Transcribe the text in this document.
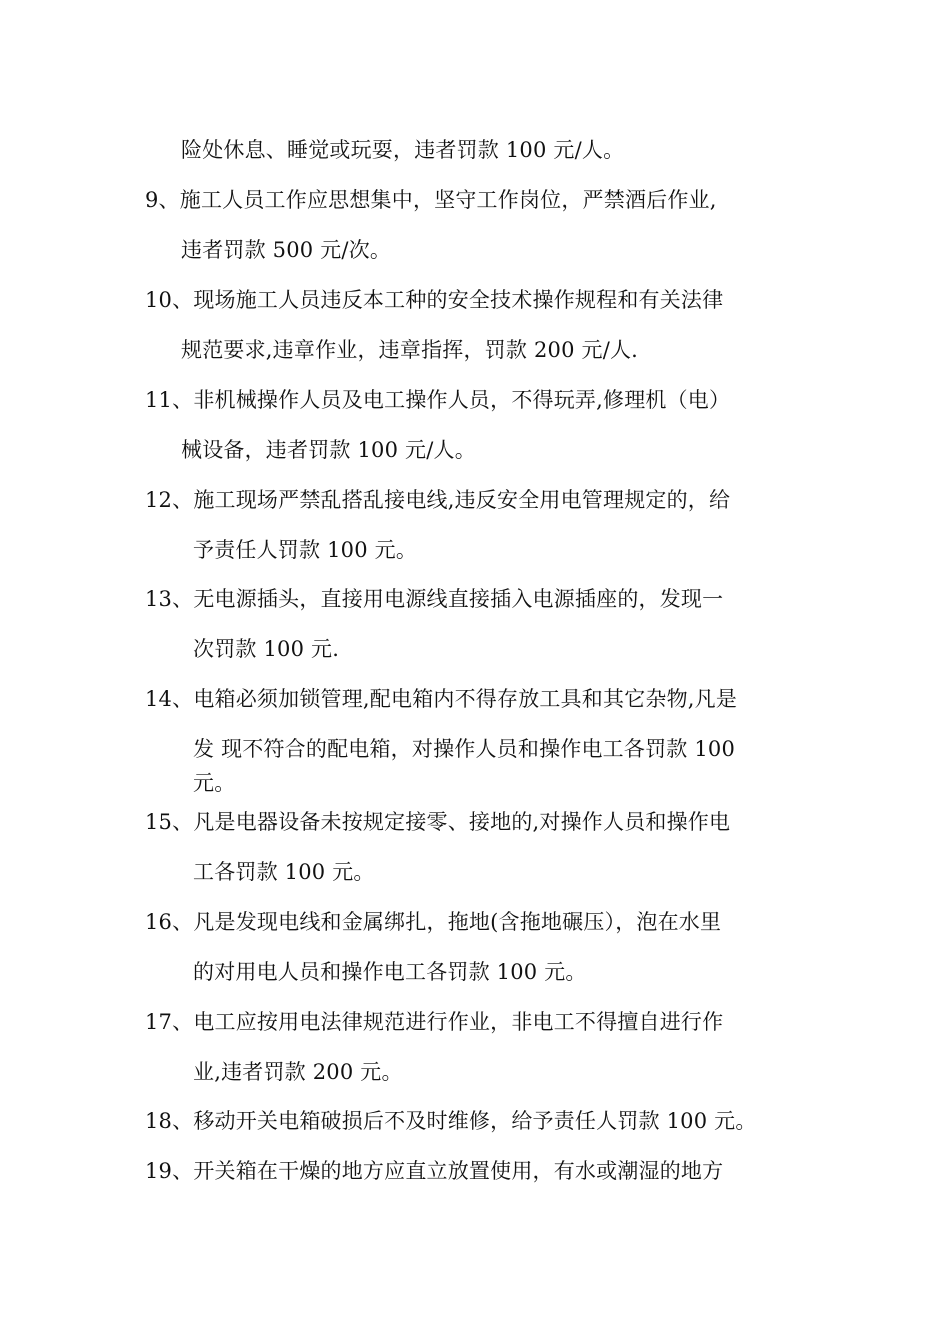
险处休息、睡觉或玩耍，违者罚款 100 元/人。
9、施工人员工作应思想集中，坚守工作岗位，严禁酒后作业,
违者罚款 500 元/次。
10、现场施工人员违反本工种的安全技术操作规程和有关法律
规范要求,违章作业，违章指挥，罚款 200 元/人.
11、非机械操作人员及电工操作人员，不得玩弄,修理机（电）
械设备，违者罚款 100 元/人。
12、施工现场严禁乱搭乱接电线,违反安全用电管理规定的，给
予责任人罚款 100 元。
13、无电源插头，直接用电源线直接插入电源插座的，发现一
次罚款 100 元.
14、电箱必须加锁管理,配电箱内不得存放工具和其它杂物,凡是
发 现不符合的配电箱，对操作人员和操作电工各罚款 100
元。
15、凡是电器设备未按规定接零、接地的,对操作人员和操作电
工各罚款 100 元。
16、凡是发现电线和金属绑扎，拖地(含拖地碾压），泡在水里
的对用电人员和操作电工各罚款 100 元。
17、电工应按用电法律规范进行作业，非电工不得擅自进行作
业,违者罚款 200 元。
18、移动开关电箱破损后不及时维修，给予责任人罚款 100 元。
19、开关箱在干燥的地方应直立放置使用，有水或潮湿的地方
